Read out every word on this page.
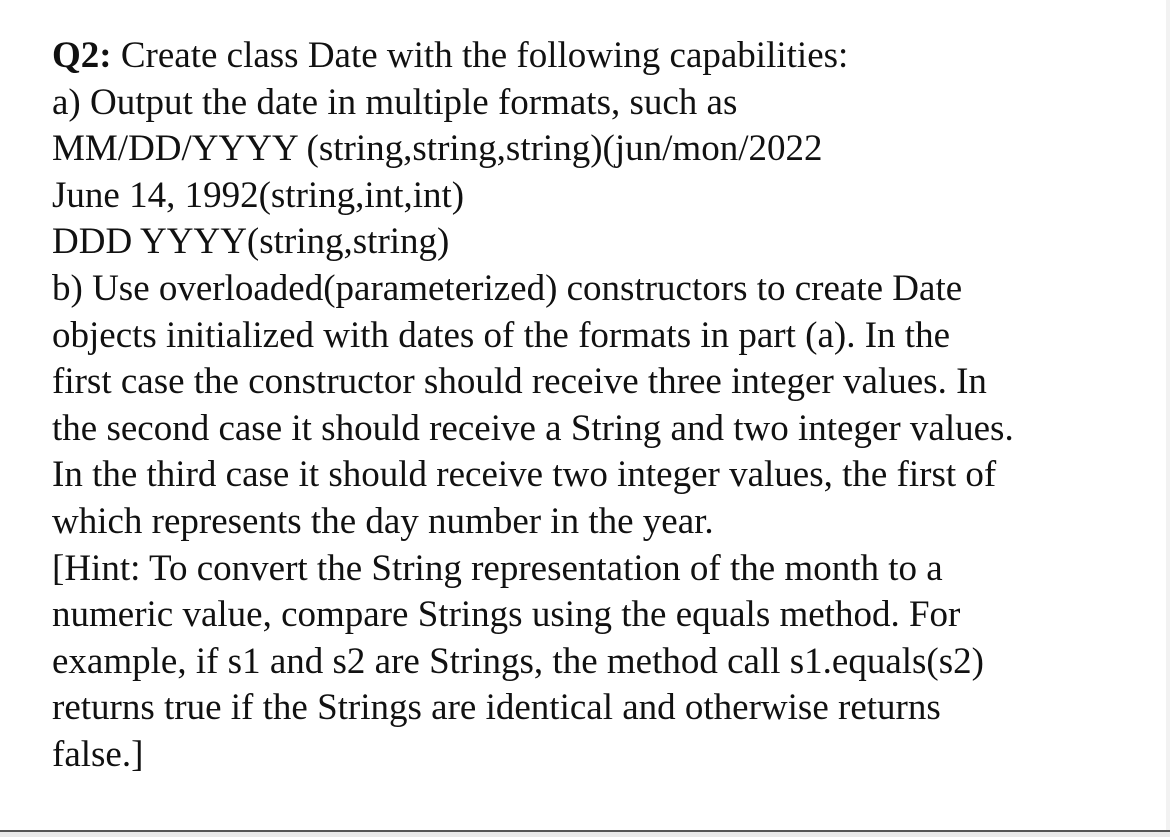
Q2: Create class Date with the following capabilities:
a) Output the date in multiple formats, such as
MM/DD/YYYY (string,string,string)(jun/mon/2022
June 14, 1992(string,int,int)
DDD YYYY(string,string)
b) Use overloaded(parameterized) constructors to create Date
objects initialized with dates of the formats in part (a). In the
first case the constructor should receive three integer values. In
the second case it should receive a String and two integer values.
In the third case it should receive two integer values, the first of
which represents the day number in the year.
[Hint: To convert the String representation of the month to a
numeric value, compare Strings using the equals method. For
example, if s1 and s2 are Strings, the method call s1.equals(s2)
returns true if the Strings are identical and otherwise returns
false.]
